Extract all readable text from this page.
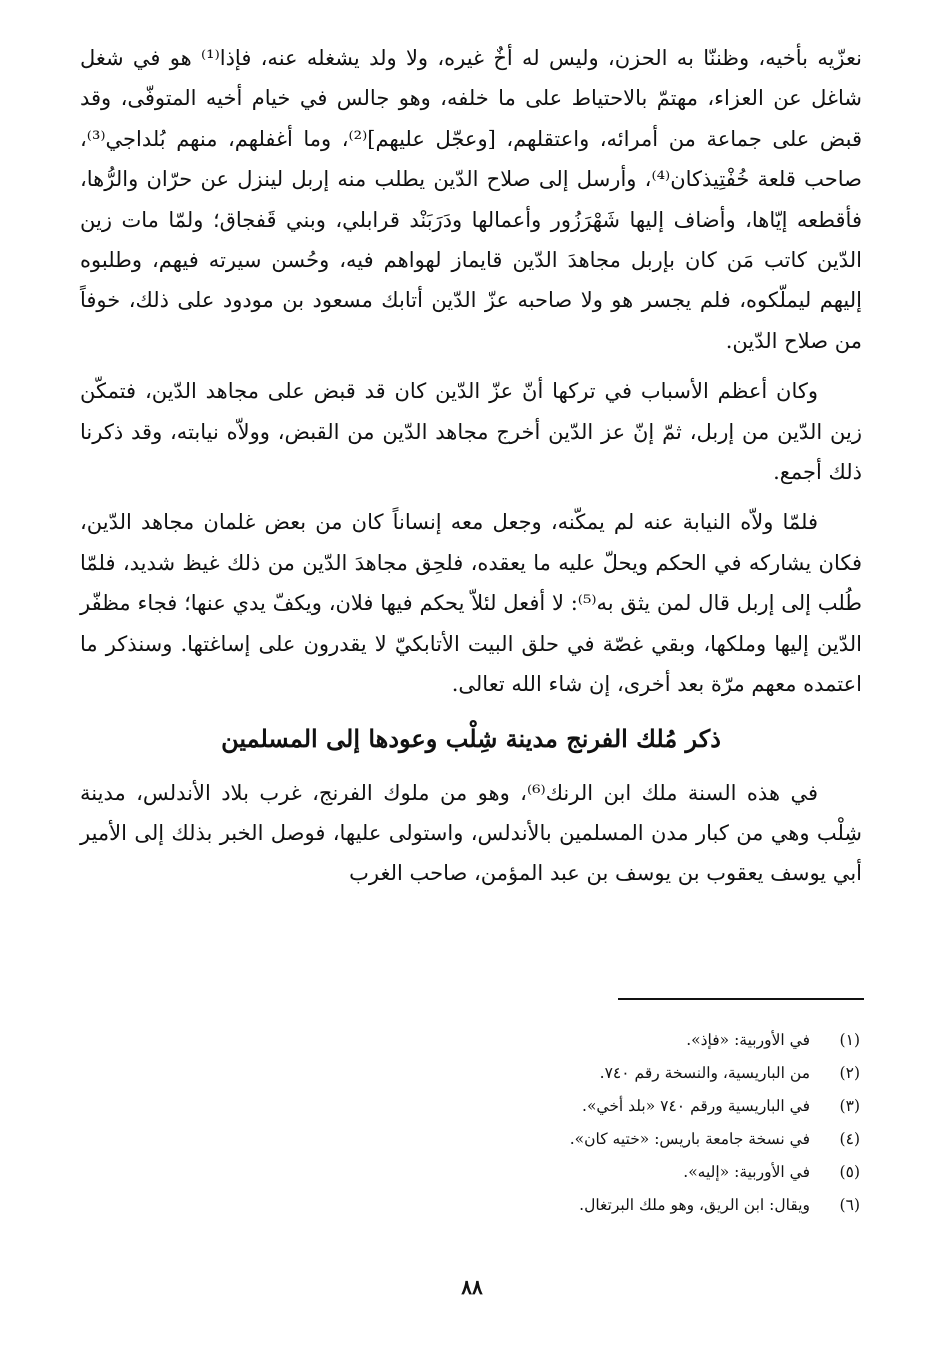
نعزّيه بأخيه، وظننّا به الحزن، وليس له أخٌ غيره، ولا ولد يشغله عنه، فإذا⁽¹⁾ هو في شغل شاغل عن العزاء، مهتمّ بالاحتياط على ما خلفه، وهو جالس في خيام أخيه المتوفّى، وقد قبض على جماعة من أمرائه، واعتقلهم، [وعجّل عليهم]⁽²⁾، وما أغفلهم، منهم بُلداجي⁽³⁾، صاحب قلعة خُفْتِيذكان⁽⁴⁾، وأرسل إلى صلاح الدّين يطلب منه إربل لينزل عن حرّان والرُّها، فأقطعه إيّاها، وأضاف إليها شَهْرَزُور وأعمالها ودَرَبَنْد قرابلي، وبني قَفجاق؛ ولمّا مات زين الدّين كاتب مَن كان بإربل مجاهدَ الدّين قايماز لهواهم فيه، وحُسن سيرته فيهم، وطلبوه إليهم ليملّكوه، فلم يجسر هو ولا صاحبه عزّ الدّين أتابك مسعود بن مودود على ذلك، خوفاً من صلاح الدّين.

وكان أعظم الأسباب في تركها أنّ عزّ الدّين كان قد قبض على مجاهد الدّين، فتمكّن زين الدّين من إربل، ثمّ إنّ عز الدّين أخرج مجاهد الدّين من القبض، وولاّه نيابته، وقد ذكرنا ذلك أجمع.

فلمّا ولاّه النيابة عنه لم يمكّنه، وجعل معه إنساناً كان من بعض غلمان مجاهد الدّين، فكان يشاركه في الحكم ويحلّ عليه ما يعقده، فلحِق مجاهدَ الدّين من ذلك غيظ شديد، فلمّا طُلب إلى إربل قال لمن يثق به⁽⁵⁾: لا أفعل لئلاّ يحكم فيها فلان، ويكفّ يدي عنها؛ فجاء مظفّر الدّين إليها وملكها، وبقي غصّة في حلق البيت الأتابكيّ لا يقدرون على إساغتها. وسنذكر ما اعتمده معهم مرّة بعد أخرى، إن شاء الله تعالى.

ذكر مُلك الفرنج مدينة شِلْب وعودها إلى المسلمين

في هذه السنة ملك ابن الرنك⁽⁶⁾، وهو من ملوك الفرنج، غرب بلاد الأندلس، مدينة شِلْب وهي من كبار مدن المسلمين بالأندلس، واستولى عليها، فوصل الخبر بذلك إلى الأمير أبي يوسف يعقوب بن يوسف بن عبد المؤمن، صاحب الغرب

(١)
في الأوربية: «فإذ».
(٢)
من الباريسية، والنسخة رقم ٧٤٠.
(٣)
في الباريسية ورقم ٧٤٠ «بلد أخي».
(٤)
في نسخة جامعة باريس: «ختيه كان».
(٥)
في الأوربية: «إليه».
(٦)
ويقال: ابن الريق، وهو ملك البرتغال.
٨٨
